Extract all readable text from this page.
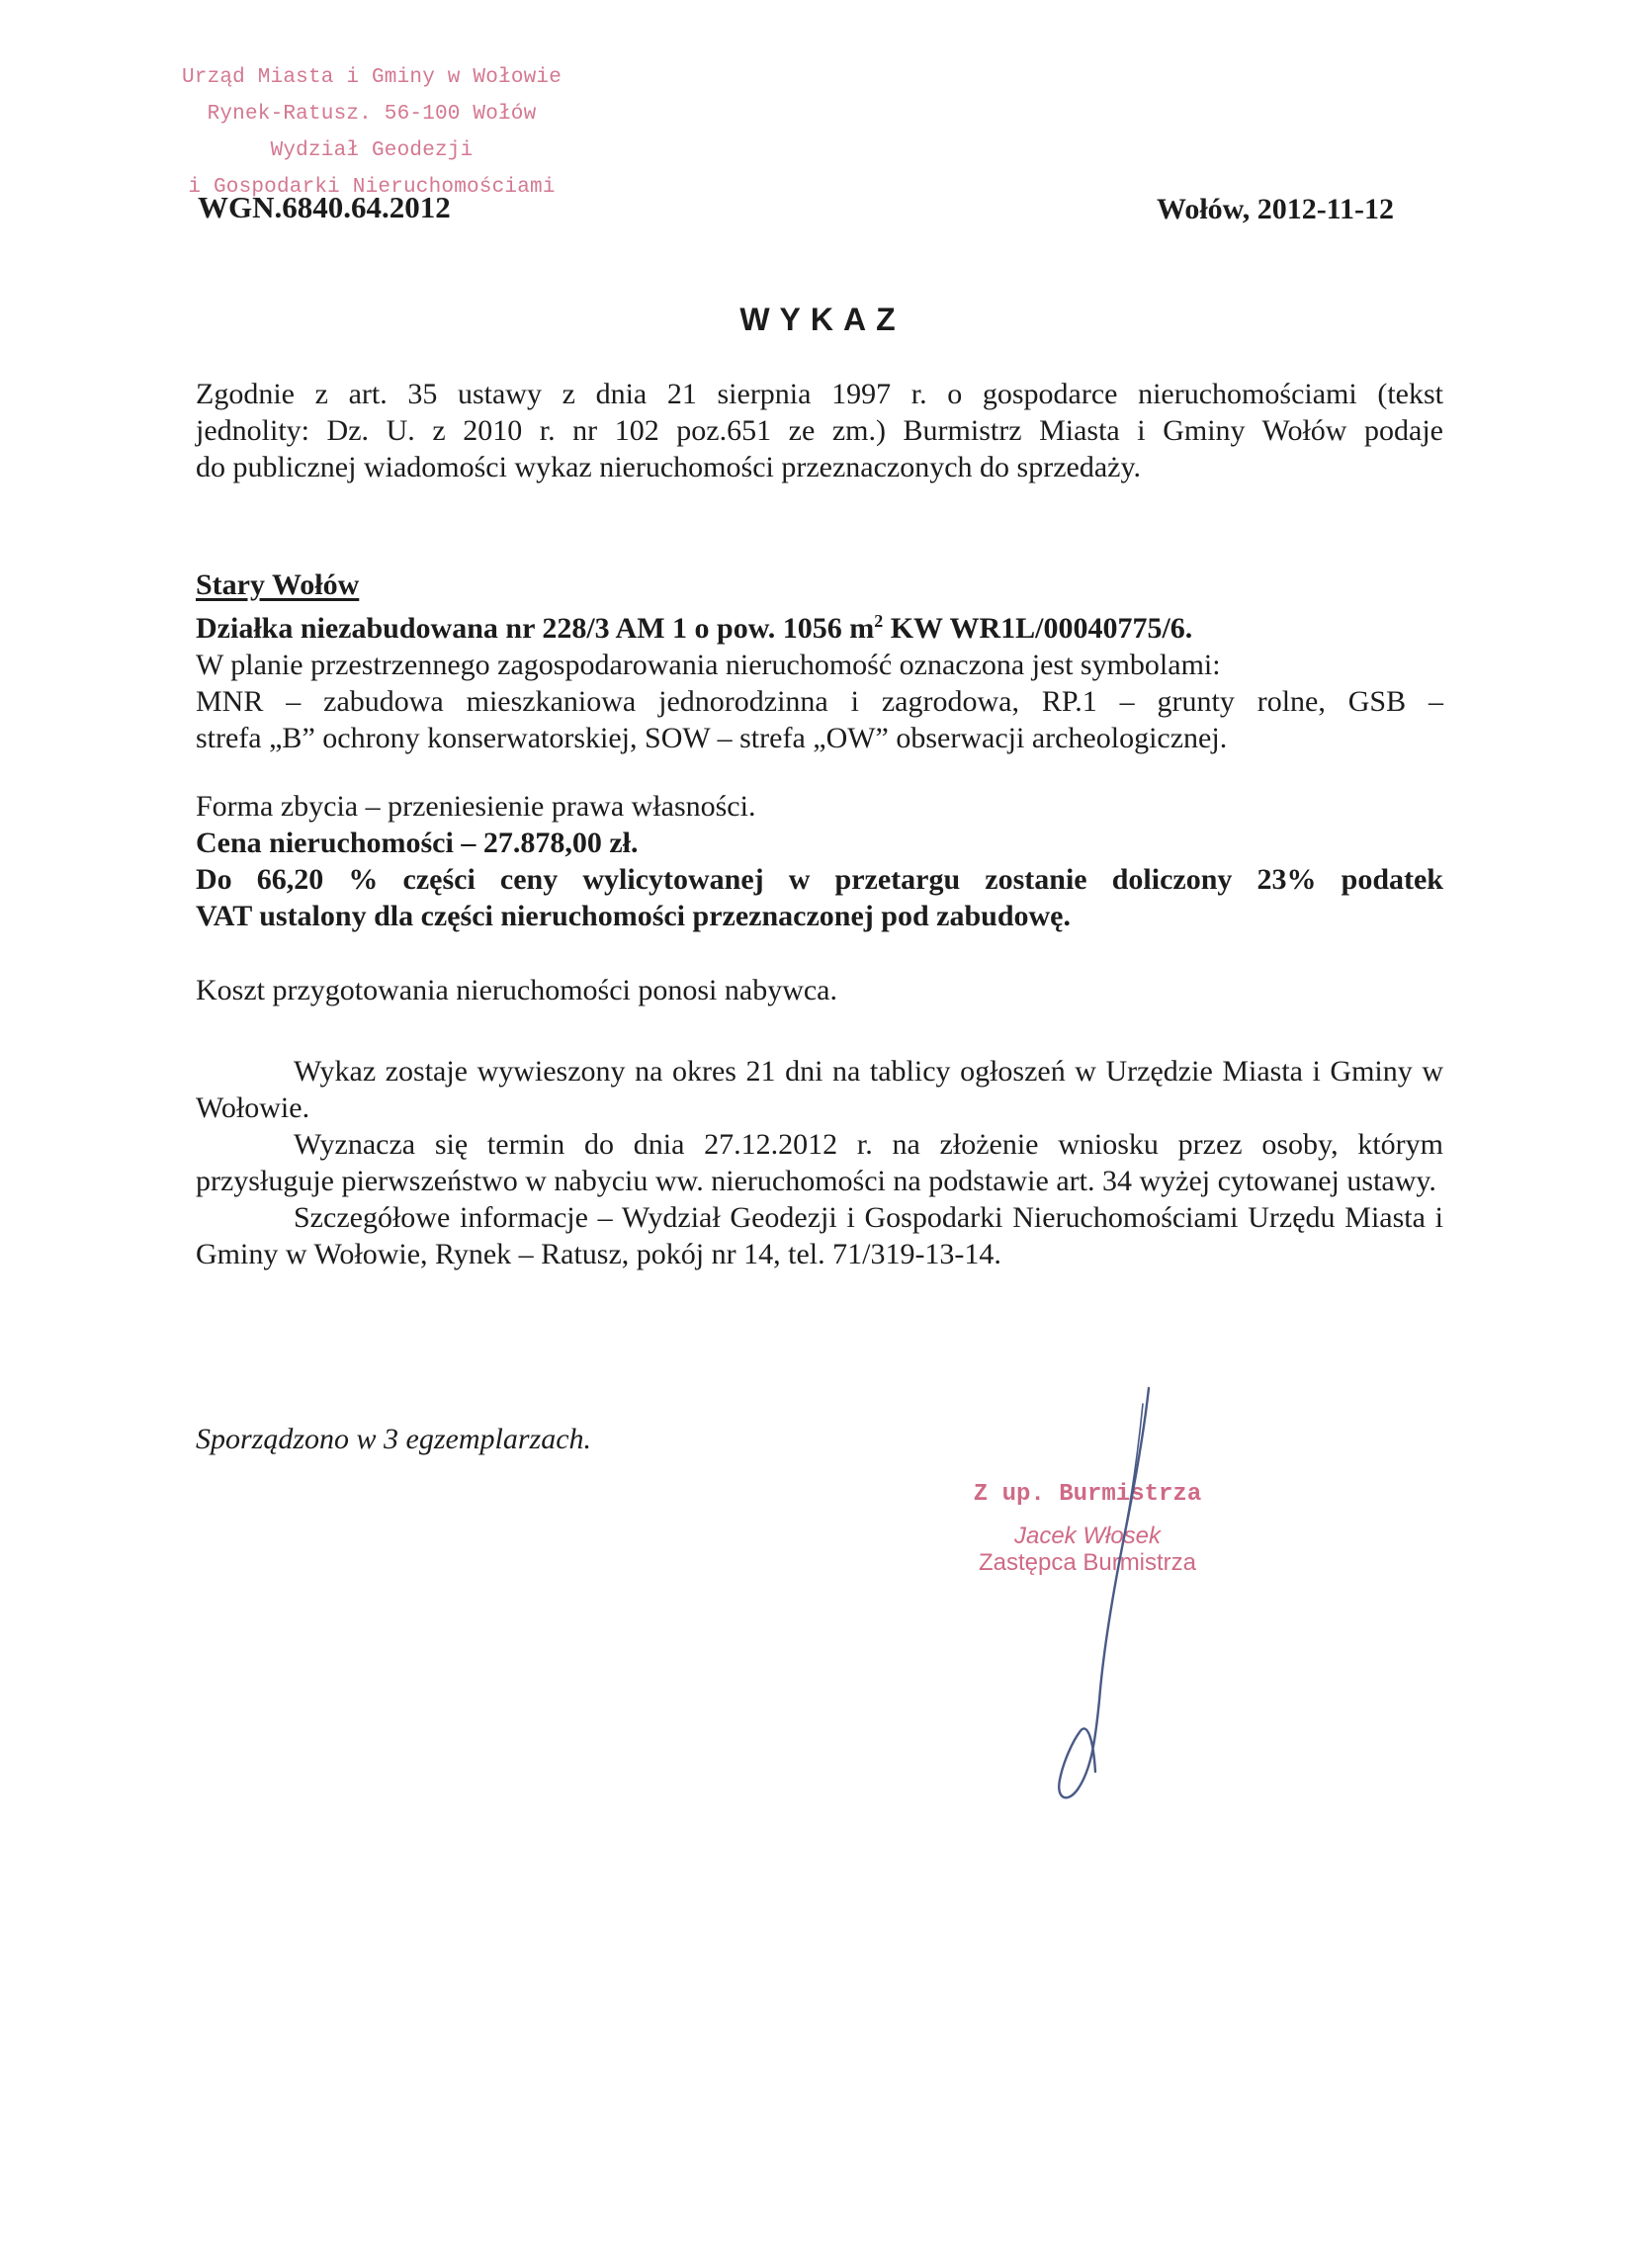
Urząd Miasta i Gminy w Wołowie
Rynek-Ratusz. 56-100 Wołów
Wydział Geodezji
i Gospodarki Nieruchomościami
WGN.6840.64.2012	Wołów, 2012-11-12
WYKAZ
Zgodnie z art. 35 ustawy z dnia 21 sierpnia 1997 r. o gospodarce nieruchomościami (tekst
jednolity: Dz. U. z 2010 r. nr 102 poz.651 ze zm.) Burmistrz Miasta i Gminy Wołów podaje
do publicznej wiadomości wykaz nieruchomości przeznaczonych do sprzedaży.
Stary Wołów
Działka niezabudowana nr 228/3 AM 1 o pow. 1056 $m^2$ KW WR1L/00040775/6.
W planie przestrzennego zagospodarowania nieruchomość oznaczona jest symbolami:
MNR – zabudowa mieszkaniowa jednorodzinna i zagrodowa, RP.1 – grunty rolne, GSB –
strefa „B” ochrony konserwatorskiej, SOW – strefa „OW” obserwacji archeologicznej.
Forma zbycia – przeniesienie prawa własności.
Cena nieruchomości – 27.878,00 zł.
Do 66,20 % części ceny wylicytowanej w przetargu zostanie doliczony 23% podatek
VAT ustalony dla części nieruchomości przeznaczonej pod zabudowę.
Koszt przygotowania nieruchomości ponosi nabywca.
Wykaz zostaje wywieszony na okres 21 dni na tablicy ogłoszeń w Urzędzie Miasta i Gminy w Wołowie.
Wyznacza się termin do dnia 27.12.2012 r. na złożenie wniosku przez osoby, którym przysługuje pierwszeństwo w nabyciu ww. nieruchomości na podstawie art. 34 wyżej cytowanej ustawy.
Szczegółowe informacje – Wydział Geodezji i Gospodarki Nieruchomościami Urzędu Miasta i Gminy w Wołowie, Rynek – Ratusz, pokój nr 14, tel. 71/319-13-14.
Sporządzono w 3 egzemplarzach.
Z up. Burmistrza
Jacek Włosek
Zastępca Burmistrza
